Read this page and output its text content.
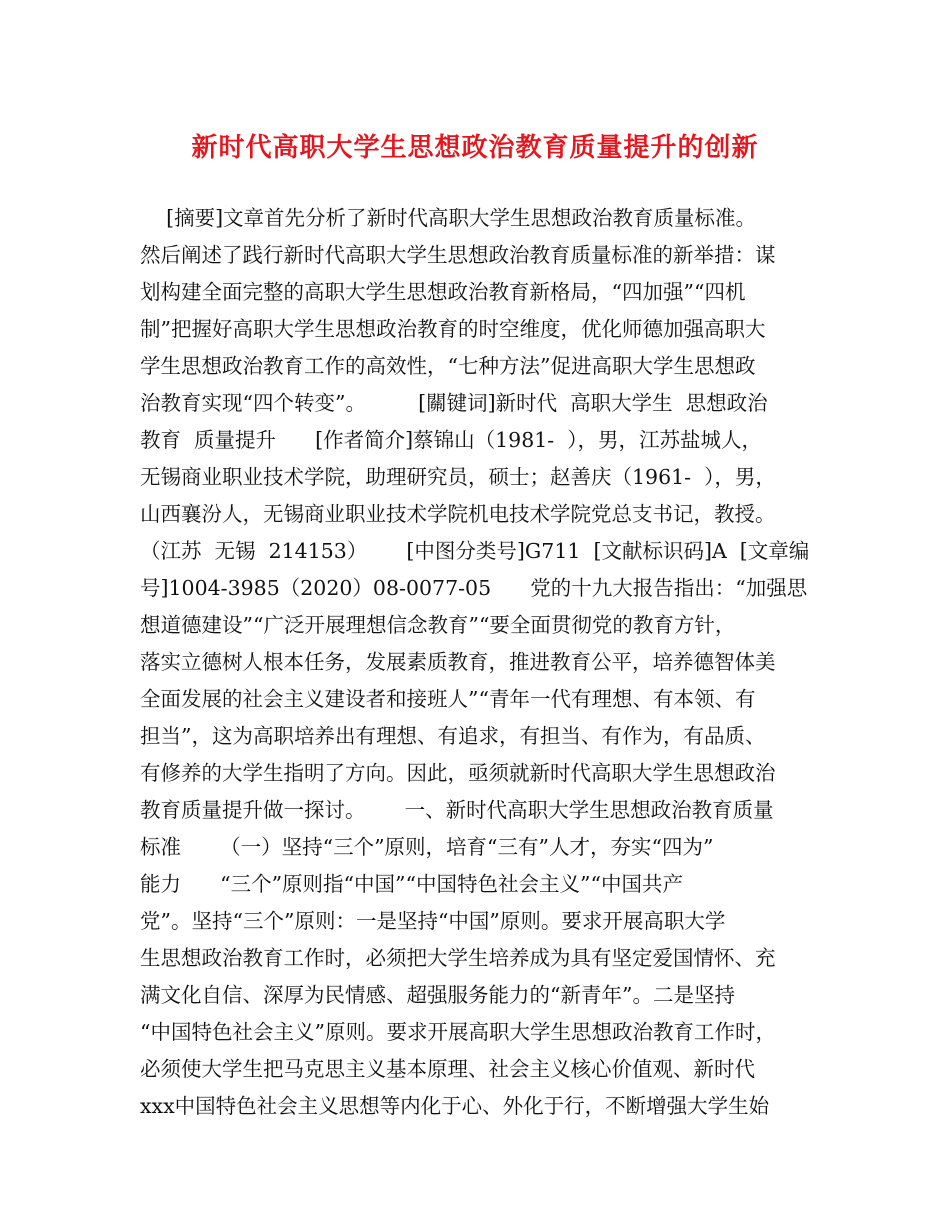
新时代高职大学生思想政治教育质量提升的创新
[摘要]文章首先分析了新时代高职大学生思想政治教育质量标准。
然后阐述了践行新时代高职大学生思想政治教育质量标准的新举措：谋
划构建全面完整的高职大学生思想政治教育新格局，“四加强”“四机
制”把握好高职大学生思想政治教育的时空维度，优化师德加强高职大
学生思想政治教育工作的高效性，“七种方法”促进高职大学生思想政
治教育实现“四个转变”。        [關键词]新时代  高职大学生  思想政治
教育  质量提升      [作者简介]蔡锦山（1981-  ），男，江苏盐城人，
无锡商业职业技术学院，助理研究员，硕士；赵善庆（1961-  ），男，
山西襄汾人，无锡商业职业技术学院机电技术学院党总支书记，教授。
（江苏  无锡  214153）      [中图分类号]G711  [文献标识码]A  [文章编
号]1004-3985（2020）08-0077-05      党的十九大报告指出：“加强思
想道德建设”“广泛开展理想信念教育”“要全面贯彻党的教育方针，
落实立德树人根本任务，发展素质教育，推进教育公平，培养德智体美
全面发展的社会主义建设者和接班人”“青年一代有理想、有本领、有
担当”，这为高职培养出有理想、有追求，有担当、有作为，有品质、
有修养的大学生指明了方向。因此，亟须就新时代高职大学生思想政治
教育质量提升做一探讨。      一、新时代高职大学生思想政治教育质量
标准      （一）坚持“三个”原则，培育“三有”人才，夯实“四为”
能力      “三个”原则指“中国”“中国特色社会主义”“中国共产
党”。坚持“三个”原则：一是坚持“中国”原则。要求开展高职大学
生思想政治教育工作时，必须把大学生培养成为具有坚定爱国情怀、充
满文化自信、深厚为民情感、超强服务能力的“新青年”。二是坚持
“中国特色社会主义”原则。要求开展高职大学生思想政治教育工作时，
必须使大学生把马克思主义基本原理、社会主义核心价值观、新时代
xxx中国特色社会主义思想等内化于心、外化于行，不断增强大学生始
